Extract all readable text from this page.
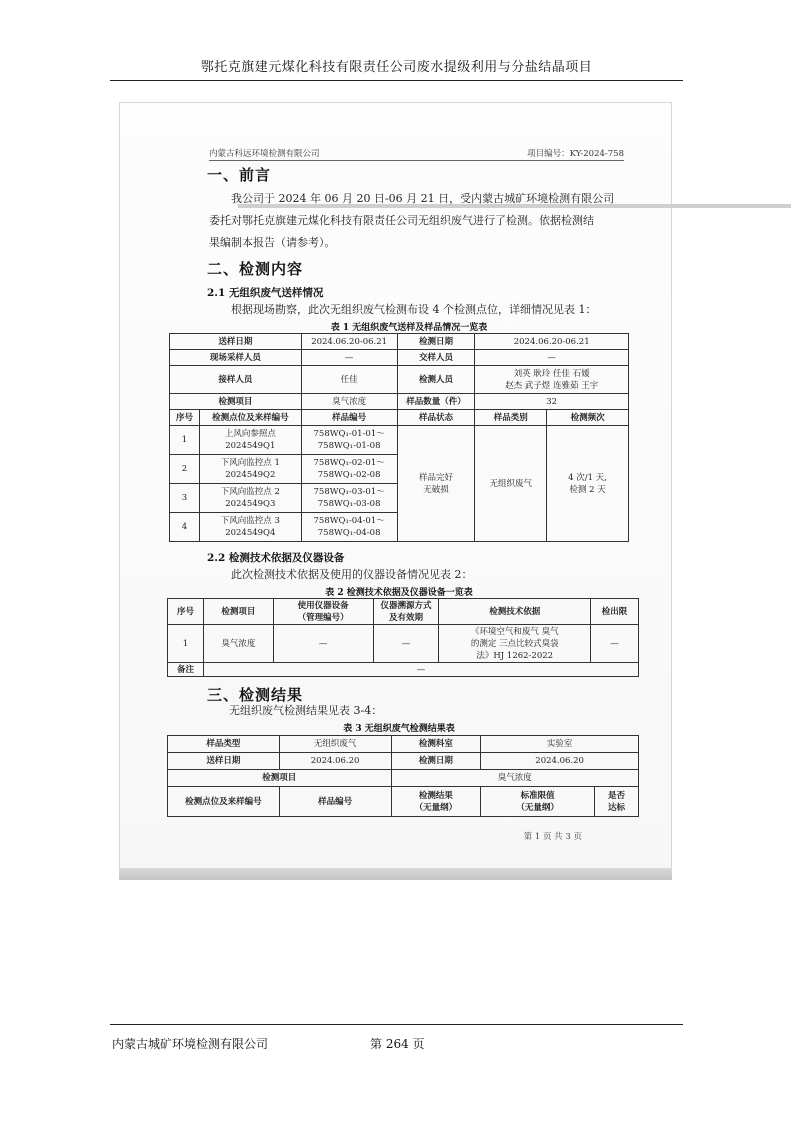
鄂托克旗建元煤化科技有限责任公司废水提级利用与分盐结晶项目
内蒙古科远环境检测有限公司	项目编号：KY-2024-758
一、前言
我公司于 2024 年 06 月 20 日-06 月 21 日，受内蒙古城矿环境检测有限公司
委托对鄂托克旗建元煤化科技有限责任公司无组织废气进行了检测。依据检测结
果编制本报告（请参考）。
二、检测内容
2.1 无组织废气送样情况
根据现场勘察，此次无组织废气检测布设 4 个检测点位，详细情况见表 1：
表 1 无组织废气送样及样品情况一览表
送样日期		2024.06.20-06.21	检测日期	2024.06.20-06.21	
现场采样人员		—	交样人员	—	
接样人员		任佳	检测人员	刘英 耿玲 任佳 石媛
赵杰 武子煜 连雅茹 王宇	
检测项目		臭气浓度	样品数量（件）	32	
序号	检测点位及来样编号	样品编号	样品状态	样品类别	检测频次
1	上风向参照点
2024549Q1	758WQ₁-01-01～
758WQ₁-01-08	样品完好
无破损	无组织废气	4 次/1 天,
检测 2 天
2	下风向监控点 1
2024549Q2	758WQ₁-02-01～
758WQ₁-02-08			
3	下风向监控点 2
2024549Q3	758WQ₁-03-01～
758WQ₁-03-08			
4	下风向监控点 3
2024549Q4	758WQ₁-04-01～
758WQ₁-04-08			
2.2 检测技术依据及仪器设备
此次检测技术依据及使用的仪器设备情况见表 2：
表 2 检测技术依据及仪器设备一览表
序号	检测项目	使用仪器设备
（管理编号）	仪器溯源方式
及有效期	检测技术依据	检出限
1	臭气浓度	—	—	《环境空气和废气 臭气
的测定 三点比较式臭袋
法》HJ 1262-2022	—
备注	—				
三、检测结果
无组织废气检测结果见表 3-4：
表 3 无组织废气检测结果表
样品类型	无组织废气	检测科室	实验室	
送样日期	2024.06.20	检测日期	2024.06.20	
检测项目		臭气浓度		
检测点位及来样编号	样品编号	检测结果
（无量纲）	标准限值
（无量纲）	是否
达标
第 1 页 共 3 页
内蒙古城矿环境检测有限公司	第 264 页
